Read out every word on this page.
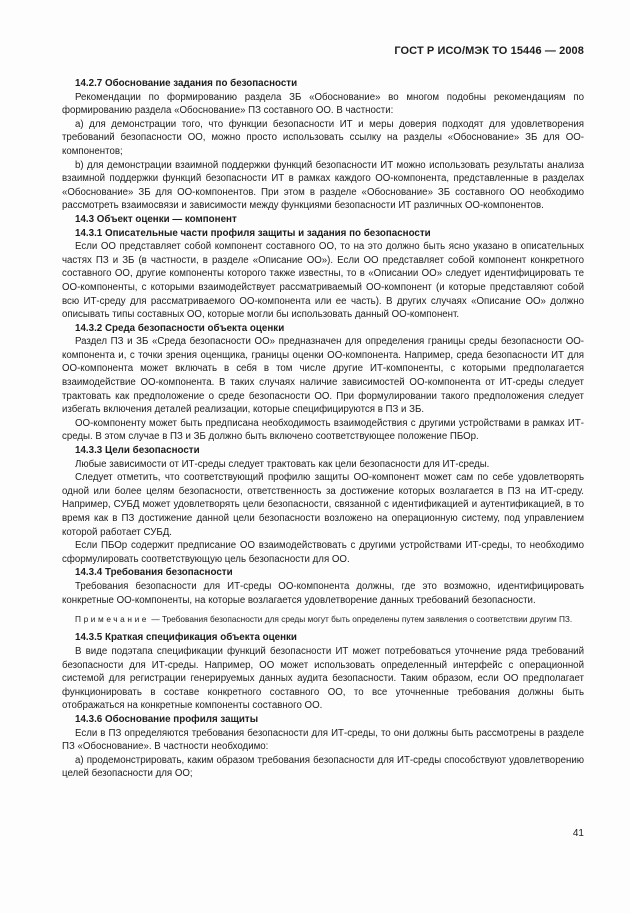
ГОСТ Р ИСО/МЭК ТО 15446 — 2008

14.2.7 Обоснование задания по безопасности

Рекомендации по формированию раздела ЗБ «Обоснование» во многом подобны рекомендациям по формированию раздела «Обоснование» ПЗ составного ОО. В частности:

а) для демонстрации того, что функции безопасности ИТ и меры доверия подходят для удовлетворения требований безопасности ОО, можно просто использовать ссылку на разделы «Обоснование» ЗБ для ОО-компонентов;

b) для демонстрации взаимной поддержки функций безопасности ИТ можно использовать результаты анализа взаимной поддержки функций безопасности ИТ в рамках каждого ОО-компонента, представленные в разделах «Обоснование» ЗБ для ОО-компонентов. При этом в разделе «Обоснование» ЗБ составного ОО необходимо рассмотреть взаимосвязи и зависимости между функциями безопасности ИТ различных ОО-компонентов.

14.3 Объект оценки — компонент

14.3.1 Описательные части профиля защиты и задания по безопасности

Если ОО представляет собой компонент составного ОО, то на это должно быть ясно указано в описательных частях ПЗ и ЗБ (в частности, в разделе «Описание ОО»). Если ОО представляет собой компонент конкретного составного ОО, другие компоненты которого также известны, то в «Описании ОО» следует идентифицировать те ОО-компоненты, с которыми взаимодействует рассматриваемый ОО-компонент (и которые представляют собой всю ИТ-среду для рассматриваемого ОО-компонента или ее часть). В других случаях «Описание ОО» должно описывать типы составных ОО, которые могли бы использовать данный ОО-компонент.

14.3.2 Среда безопасности объекта оценки

Раздел ПЗ и ЗБ «Среда безопасности ОО» предназначен для определения границы среды безопасности ОО-компонента и, с точки зрения оценщика, границы оценки ОО-компонента. Например, среда безопасности ИТ для ОО-компонента может включать в себя в том числе другие ИТ-компоненты, с которыми предполагается взаимодействие ОО-компонента. В таких случаях наличие зависимостей ОО-компонента от ИТ-среды следует трактовать как предположение о среде безопасности ОО. При формулировании такого предположения следует избегать включения деталей реализации, которые специфицируются в ПЗ и ЗБ.

ОО-компоненту может быть предписана необходимость взаимодействия с другими устройствами в рамках ИТ-среды. В этом случае в ПЗ и ЗБ должно быть включено соответствующее положение ПБОр.

14.3.3 Цели безопасности

Любые зависимости от ИТ-среды следует трактовать как цели безопасности для ИТ-среды.

Следует отметить, что соответствующий профилю защиты ОО-компонент может сам по себе удовлетворять одной или более целям безопасности, ответственность за достижение которых возлагается в ПЗ на ИТ-среду. Например, СУБД может удовлетворять цели безопасности, связанной с идентификацией и аутентификацией, в то время как в ПЗ достижение данной цели безопасности возложено на операционную систему, под управлением которой работает СУБД.

Если ПБОр содержит предписание ОО взаимодействовать с другими устройствами ИТ-среды, то необходимо сформулировать соответствующую цель безопасности для ОО.

14.3.4 Требования безопасности

Требования безопасности для ИТ-среды ОО-компонента должны, где это возможно, идентифицировать конкретные ОО-компоненты, на которые возлагается удовлетворение данных требований безопасности.

Примечание — Требования безопасности для среды могут быть определены путем заявления о соответствии другим ПЗ.

14.3.5 Краткая спецификация объекта оценки

В виде подэтапа спецификации функций безопасности ИТ может потребоваться уточнение ряда требований безопасности для ИТ-среды. Например, ОО может использовать определенный интерфейс с операционной системой для регистрации генерируемых данных аудита безопасности. Таким образом, если ОО предполагает функционировать в составе конкретного составного ОО, то все уточненные требования должны быть отображаться на конкретные компоненты составного ОО.

14.3.6 Обоснование профиля защиты

Если в ПЗ определяются требования безопасности для ИТ-среды, то они должны быть рассмотрены в разделе ПЗ «Обоснование». В частности необходимо:

а) продемонстрировать, каким образом требования безопасности для ИТ-среды способствуют удовлетворению целей безопасности для ОО;

41
